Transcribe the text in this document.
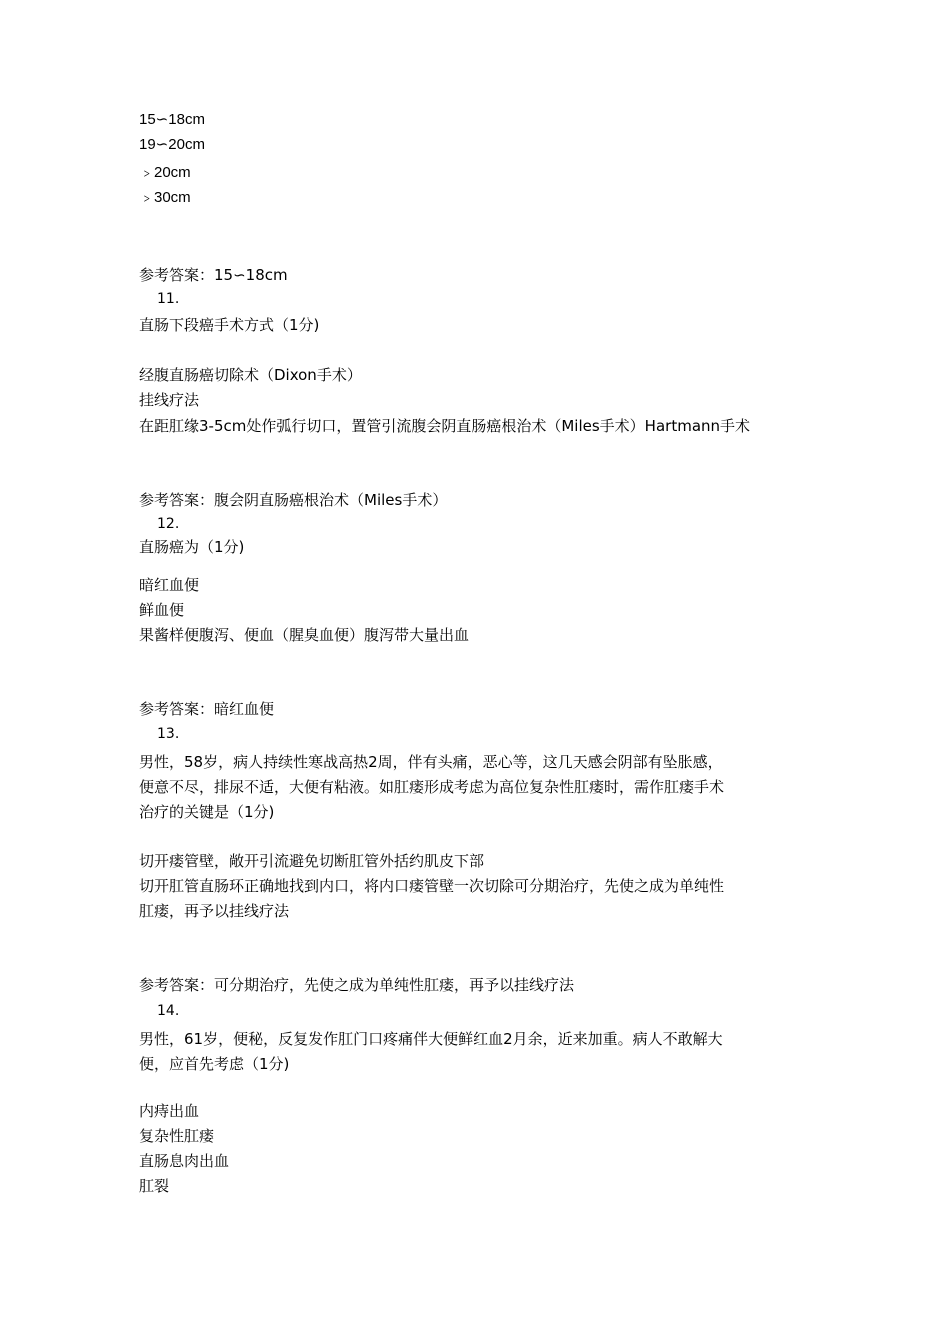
15∽18cm
19∽20cm
﹥20cm
﹥30cm
参考答案：15∽18cm
11.
直肠下段癌手术方式（1分)
经腹直肠癌切除术（Dixon手术）
挂线疗法
在距肛缘3-5cm处作弧行切口，置管引流腹会阴直肠癌根治术（Miles手术）Hartmann手术
参考答案：腹会阴直肠癌根治术（Miles手术）
12.
直肠癌为（1分)
暗红血便
鲜血便
果酱样便腹泻、便血（腥臭血便）腹泻带大量出血
参考答案：暗红血便
13.
男性，58岁，病人持续性寒战高热2周，伴有头痛，恶心等，这几天感会阴部有坠胀感，
便意不尽，排尿不适，大便有粘液。如肛瘘形成考虑为高位复杂性肛瘘时，需作肛瘘手术
治疗的关键是（1分)
切开瘘管壁，敞开引流避免切断肛管外括约肌皮下部
切开肛管直肠环正确地找到内口，将内口瘘管壁一次切除可分期治疗，先使之成为单纯性
肛瘘，再予以挂线疗法
参考答案：可分期治疗，先使之成为单纯性肛瘘，再予以挂线疗法
14.
男性，61岁，便秘，反复发作肛门口疼痛伴大便鲜红血2月余，近来加重。病人不敢解大
便，应首先考虑（1分)
内痔出血
复杂性肛瘘
直肠息肉出血
肛裂
